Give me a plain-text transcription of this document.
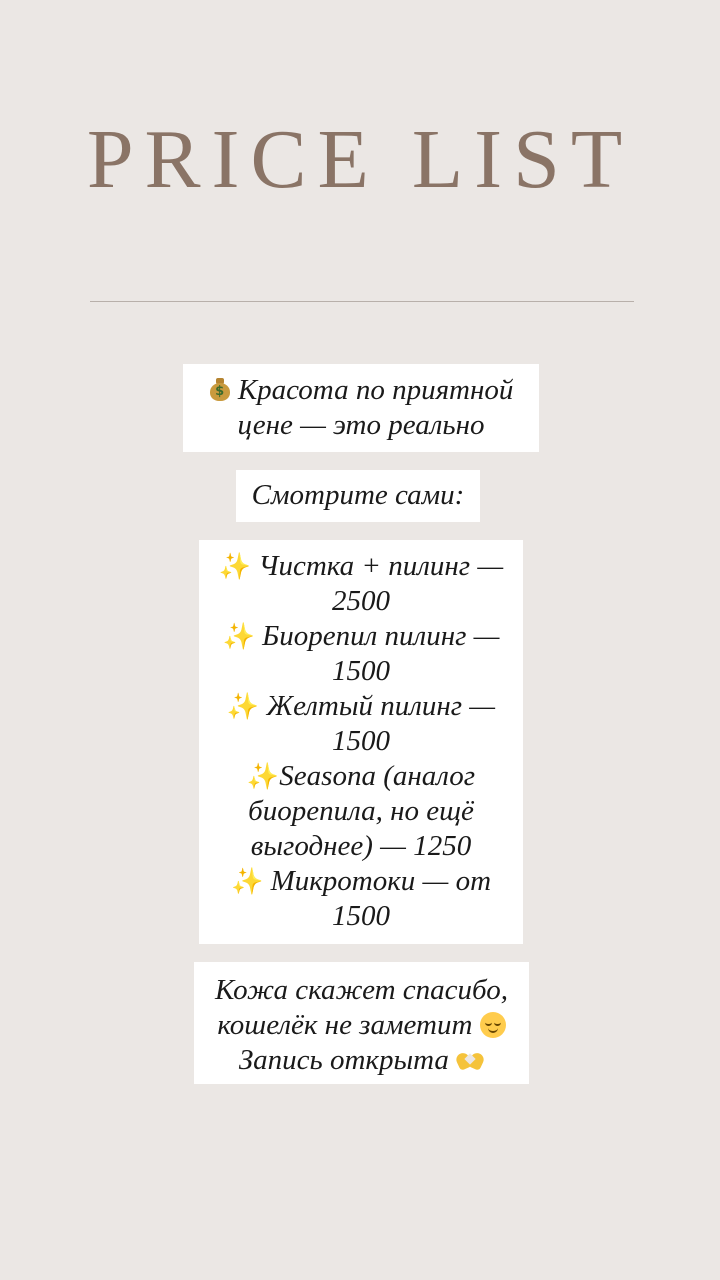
PRICE LIST
$ Красота по приятной
цене — это реально
Смотрите сами:
✨ Чистка + пилинг —
2500
✨ Биорепил пилинг —
1500
✨ Желтый пилинг —
1500
✨Seasona (аналог
биорепила, но ещё
выгоднее) — 1250
✨ Микротоки — от
1500
Кожа скажет спасибо,
кошелёк не заметит
Запись открыта
